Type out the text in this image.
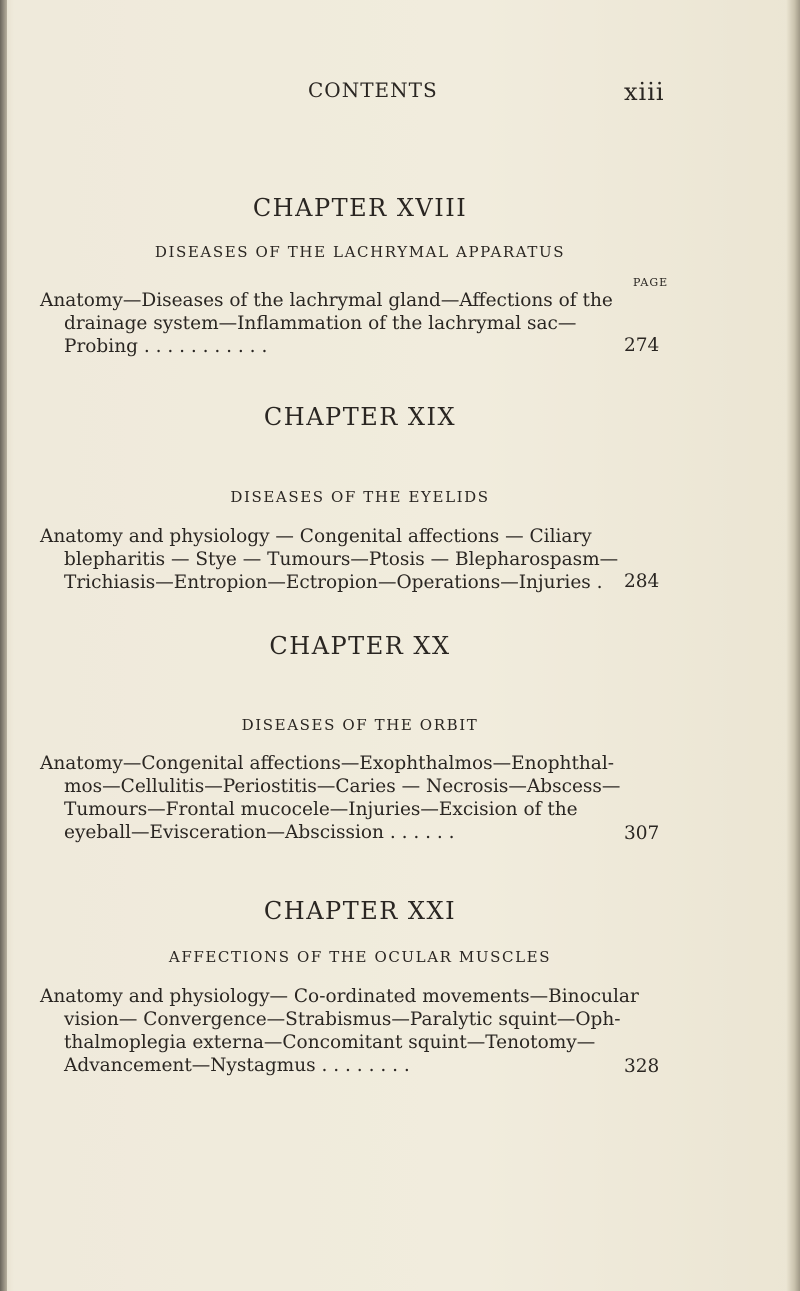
CONTENTS	xiii
CHAPTER XVIII
DISEASES OF THE LACHRYMAL APPARATUS
PAGE
Anatomy—Diseases of the lachrymal gland—Affections of the
drainage system—Inflammation of the lachrymal sac—
Probing . . . . . . . . . . .	274
CHAPTER XIX
DISEASES OF THE EYELIDS
Anatomy and physiology — Congenital affections — Ciliary
blepharitis — Stye — Tumours—Ptosis — Blepharospasm—
Trichiasis—Entropion—Ectropion—Operations—Injuries .	284
CHAPTER XX
DISEASES OF THE ORBIT
Anatomy—Congenital affections—Exophthalmos—Enophthal-
mos—Cellulitis—Periostitis—Caries — Necrosis—Abscess—
Tumours—Frontal mucocele—Injuries—Excision of the
eyeball—Evisceration—Abscission . . . . . .	307
CHAPTER XXI
AFFECTIONS OF THE OCULAR MUSCLES
Anatomy and physiology— Co-ordinated movements—Binocular
vision— Convergence—Strabismus—Paralytic squint—Oph-
thalmoplegia externa—Concomitant squint—Tenotomy—
Advancement—Nystagmus . . . . . . . .	328
